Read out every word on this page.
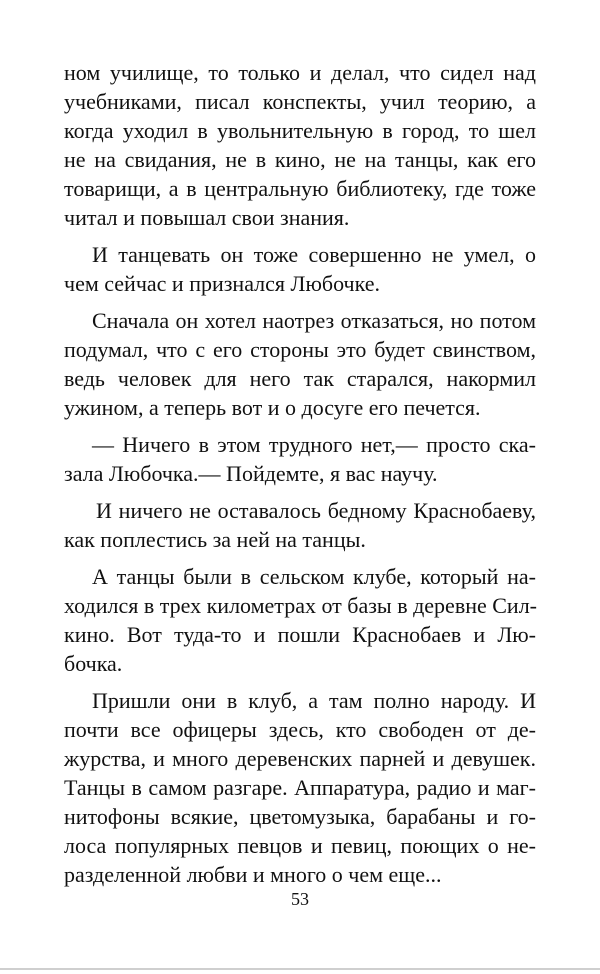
ном училище, то только и делал, что сидел над
учебниками, писал конспекты, учил теорию, а
когда уходил в увольнительную в город, то шел
не на свидания, не в кино, не на танцы, как его
товарищи, а в центральную библиотеку, где тоже
читал и повышал свои знания.
И танцевать он тоже совершенно не умел, о
чем сейчас и признался Любочке.
Сначала он хотел наотрез отказаться, но потом
подумал, что с его стороны это будет свинством,
ведь человек для него так старался, накормил
ужином, а теперь вот и о досуге его печется.
— Ничего в этом трудного нет,— просто ска-
зала Любочка.— Пойдемте, я вас научу.
И ничего не оставалось бедному Краснобаеву,
как поплестись за ней на танцы.
А танцы были в сельском клубе, который на-
ходился в трех километрах от базы в деревне Сил-
кино. Вот туда-то и пошли Краснобаев и Лю-
бочка.
Пришли они в клуб, а там полно народу. И
почти все офицеры здесь, кто свободен от де-
журства, и много деревенских парней и девушек.
Танцы в самом разгаре. Аппаратура, радио и маг-
нитофоны всякие, цветомузыка, барабаны и го-
лоса популярных певцов и певиц, поющих о не-
разделенной любви и много о чем еще...
53
